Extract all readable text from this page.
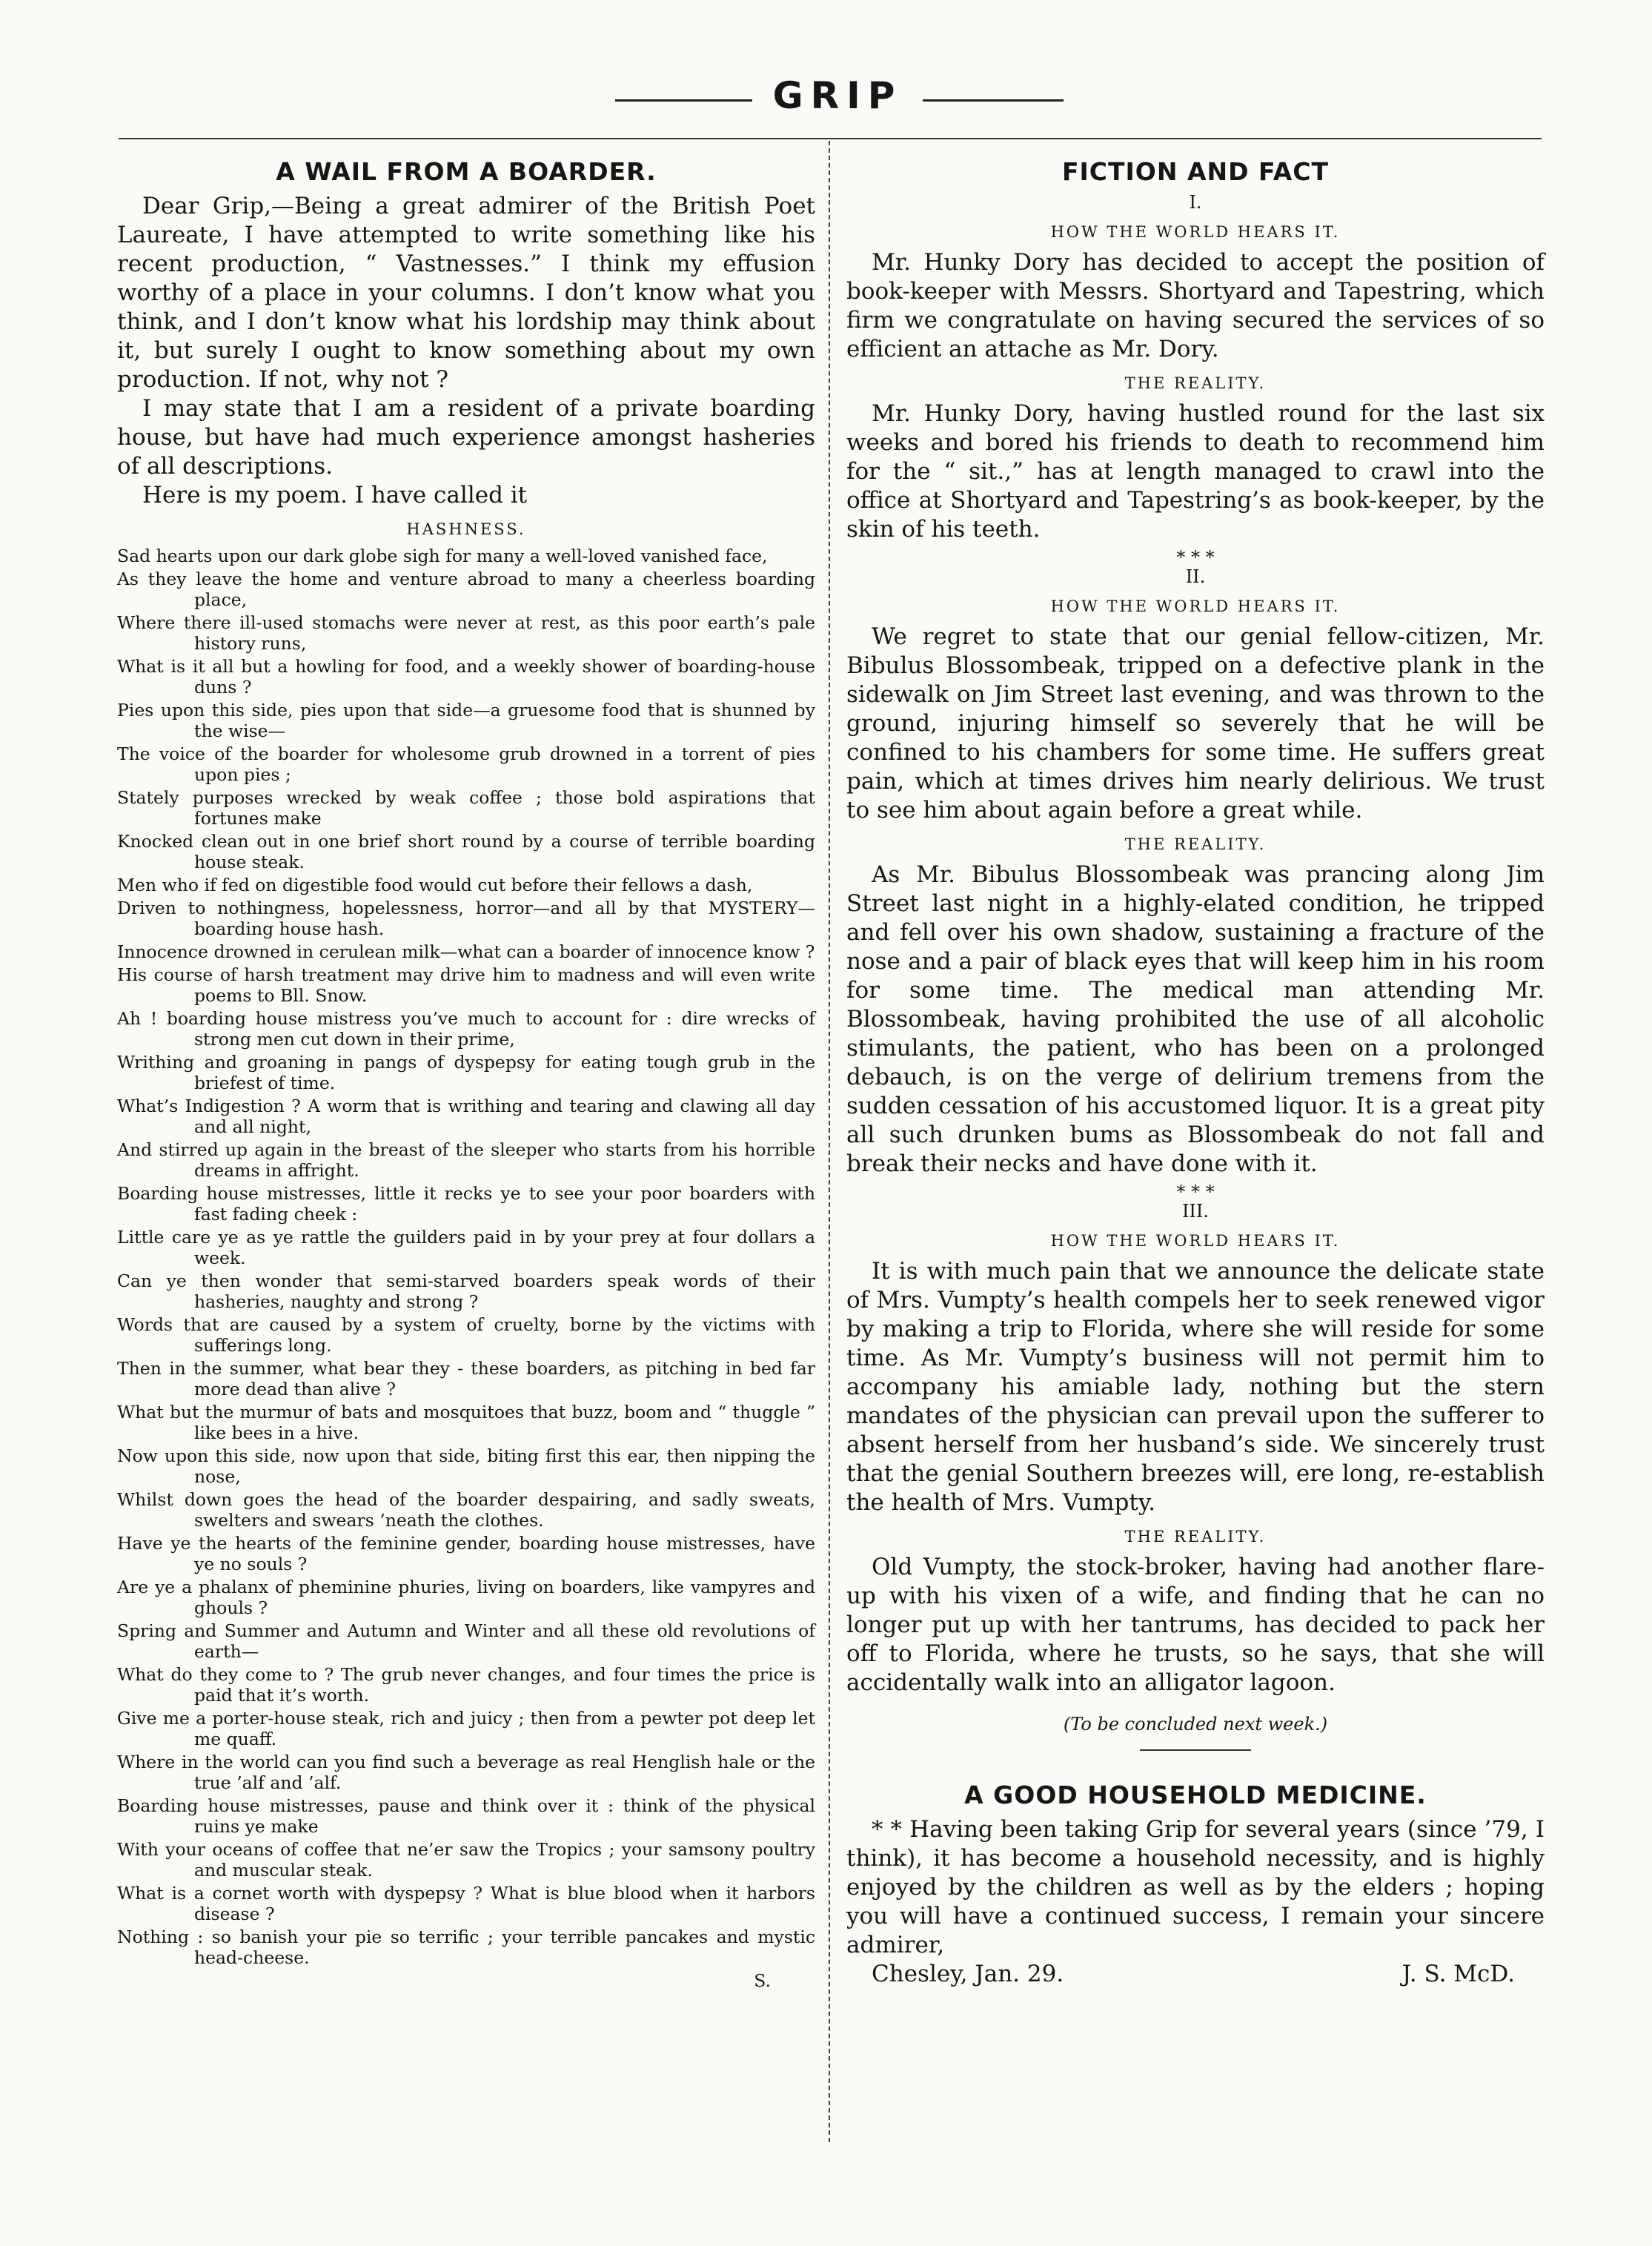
GRIP
A WAIL FROM A BOARDER.

Dear Grip,—Being a great admirer of the British Poet Laureate, I have attempted to write something like his recent production, “ Vastnesses.” I think my effusion worthy of a place in your columns. I don’t know what you think, and I don’t know what his lordship may think about it, but surely I ought to know something about my own production. If not, why not ?

I may state that I am a resident of a private boarding house, but have had much experience amongst hasheries of all descriptions.

Here is my poem. I have called it

HASHNESS.
Sad hearts upon our dark globe sigh for many a well-loved vanished face,
As they leave the home and venture abroad to many a cheerless boarding place,
Where there ill-used stomachs were never at rest, as this poor earth’s pale history runs,
What is it all but a howling for food, and a weekly shower of boarding-house duns ?
Pies upon this side, pies upon that side—a gruesome food that is shunned by the wise—
The voice of the boarder for wholesome grub drowned in a torrent of pies upon pies ;
Stately purposes wrecked by weak coffee ; those bold aspirations that fortunes make
Knocked clean out in one brief short round by a course of terrible boarding house steak.
Men who if fed on digestible food would cut before their fellows a dash,
Driven to nothingness, hopelessness, horror—and all by that MYSTERY—boarding house hash.
Innocence drowned in cerulean milk—what can a boarder of innocence know ?
His course of harsh treatment may drive him to madness and will even write poems to Bll. Snow.
Ah ! boarding house mistress you’ve much to account for : dire wrecks of strong men cut down in their prime,
Writhing and groaning in pangs of dyspepsy for eating tough grub in the briefest of time.
What’s Indigestion ? A worm that is writhing and tearing and clawing all day and all night,
And stirred up again in the breast of the sleeper who starts from his horrible dreams in affright.
Boarding house mistresses, little it recks ye to see your poor boarders with fast fading cheek :
Little care ye as ye rattle the guilders paid in by your prey at four dollars a week.
Can ye then wonder that semi-starved boarders speak words of their hasheries, naughty and strong ?
Words that are caused by a system of cruelty, borne by the victims with sufferings long.
Then in the summer, what bear they - these boarders, as pitching in bed far more dead than alive ?
What but the murmur of bats and mosquitoes that buzz, boom and “ thuggle ” like bees in a hive.
Now upon this side, now upon that side, biting first this ear, then nipping the nose,
Whilst down goes the head of the boarder despairing, and sadly sweats, swelters and swears ’neath the clothes.
Have ye the hearts of the feminine gender, boarding house mistresses, have ye no souls ?
Are ye a phalanx of pheminine phuries, living on boarders, like vampyres and ghouls ?
Spring and Summer and Autumn and Winter and all these old revolutions of earth—
What do they come to ? The grub never changes, and four times the price is paid that it’s worth.
Give me a porter-house steak, rich and juicy ; then from a pewter pot deep let me quaff.
Where in the world can you find such a beverage as real Henglish hale or the true ’alf and ’alf.
Boarding house mistresses, pause and think over it : think of the physical ruins ye make
With your oceans of coffee that ne’er saw the Tropics ; your samsony poultry and muscular steak.
What is a cornet worth with dyspepsy ? What is blue blood when it harbors disease ?
Nothing : so banish your pie so terrific ; your terrible pancakes and mystic head-cheese.

S.

FICTION AND FACT

I.

HOW THE WORLD HEARS IT.

Mr. Hunky Dory has decided to accept the position of book-keeper with Messrs. Shortyard and Tapestring, which firm we congratulate on having secured the services of so efficient an attache as Mr. Dory.

THE REALITY.

Mr. Hunky Dory, having hustled round for the last six weeks and bored his friends to death to recommend him for the “ sit.,” has at length managed to crawl into the office at Shortyard and Tapestring’s as book-keeper, by the skin of his teeth.

* * *

II.

HOW THE WORLD HEARS IT.

We regret to state that our genial fellow-citizen, Mr. Bibulus Blossombeak, tripped on a defective plank in the sidewalk on Jim Street last evening, and was thrown to the ground, injuring himself so severely that he will be confined to his chambers for some time. He suffers great pain, which at times drives him nearly delirious. We trust to see him about again before a great while.

THE REALITY.

As Mr. Bibulus Blossombeak was prancing along Jim Street last night in a highly-elated condition, he tripped and fell over his own shadow, sustaining a fracture of the nose and a pair of black eyes that will keep him in his room for some time. The medical man attending Mr. Blossombeak, having prohibited the use of all alcoholic stimulants, the patient, who has been on a prolonged debauch, is on the verge of delirium tremens from the sudden cessation of his accustomed liquor. It is a great pity all such drunken bums as Blossombeak do not fall and break their necks and have done with it.

* * *

III.

HOW THE WORLD HEARS IT.

It is with much pain that we announce the delicate state of Mrs. Vumpty’s health compels her to seek renewed vigor by making a trip to Florida, where she will reside for some time. As Mr. Vumpty’s business will not permit him to accompany his amiable lady, nothing but the stern mandates of the physician can prevail upon the sufferer to absent herself from her husband’s side. We sincerely trust that the genial Southern breezes will, ere long, re-establish the health of Mrs. Vumpty.

THE REALITY.

Old Vumpty, the stock-broker, having had another flare-up with his vixen of a wife, and finding that he can no longer put up with her tantrums, has decided to pack her off to Florida, where he trusts, so he says, that she will accidentally walk into an alligator lagoon.

(To be concluded next week.)

A GOOD HOUSEHOLD MEDICINE.

* * Having been taking Grip for several years (since ’79, I think), it has become a household necessity, and is highly enjoyed by the children as well as by the elders ; hoping you will have a continued success, I remain your sincere admirer,

Chesley, Jan. 29.	J. S. McD.
